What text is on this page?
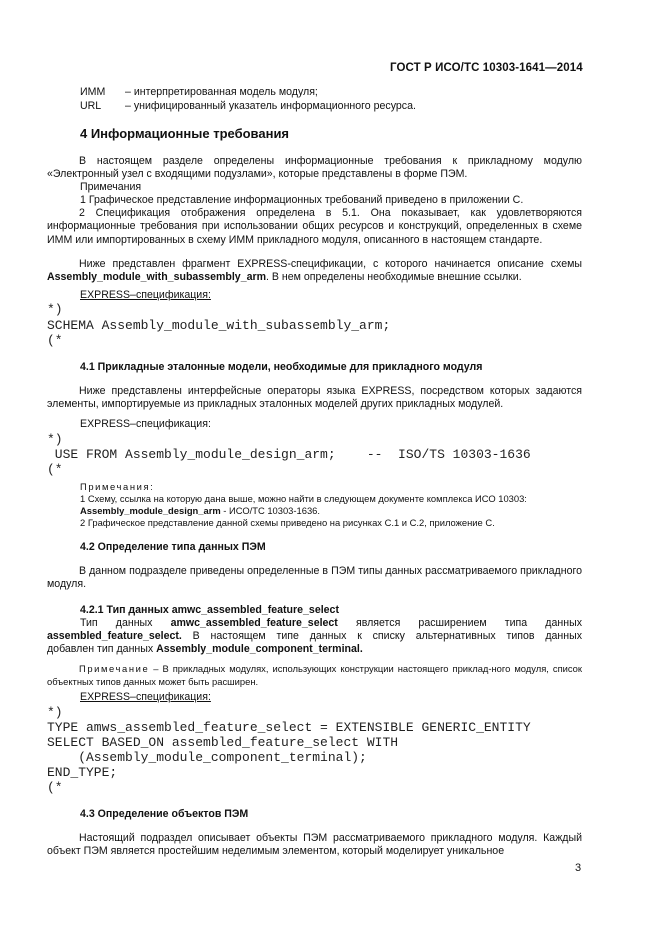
ГОСТ Р ИСО/ТС 10303-1641—2014
ИММ – интерпретированная модель модуля;
URL – унифицированный указатель информационного ресурса.
4 Информационные требования
В настоящем разделе определены информационные требования к прикладному модулю «Электронный узел с входящими подузлами», которые представлены в форме ПЭМ.
Примечания
1 Графическое представление информационных требований приведено в приложении С.
2 Спецификация отображения определена в 5.1. Она показывает, как удовлетворяются информационные требования при использовании общих ресурсов и конструкций, определенных в схеме ИММ или импортированных в схему ИММ прикладного модуля, описанного в настоящем стандарте.
Ниже представлен фрагмент EXPRESS-спецификации, с которого начинается описание схемы Assembly_module_with_subassembly_arm. В нем определены необходимые внешние ссылки.
EXPRESS–спецификация:
*)
SCHEMA Assembly_module_with_subassembly_arm;
(*
4.1 Прикладные эталонные модели, необходимые для прикладного модуля
Ниже представлены интерфейсные операторы языка EXPRESS, посредством которых задаются элементы, импортируемые из прикладных эталонных моделей других прикладных модулей.
EXPRESS–спецификация:
*)
USE FROM Assembly_module_design_arm;    --  ISO/TS 10303-1636
(*
Примечания:
1 Схему, ссылка на которую дана выше, можно найти в следующем документе комплекса ИСО 10303:
Assembly_module_design_arm - ИСО/ТС 10303-1636.
2 Графическое представление данной схемы приведено на рисунках С.1 и С.2, приложение С.
4.2 Определение типа данных ПЭМ
В данном подразделе приведены определенные в ПЭМ типы данных рассматриваемого прикладного модуля.
4.2.1 Тип данных amwc_assembled_feature_select
Тип данных amwc_assembled_feature_select является расширением типа данных
assembled_feature_select. В настоящем типе данных к списку альтернативных типов данных
добавлен тип данных Assembly_module_component_terminal.
Примечание – В прикладных модулях, использующих конструкции настоящего приклад-ного модуля, список объектных типов данных может быть расширен.
EXPRESS–спецификация:
*)
TYPE amws_assembled_feature_select = EXTENSIBLE GENERIC_ENTITY
SELECT BASED_ON assembled_feature_select WITH
(Assembly_module_component_terminal);
END_TYPE;
(*
4.3 Определение объектов ПЭМ
Настоящий подраздел описывает объекты ПЭМ рассматриваемого прикладного модуля. Каждый объект ПЭМ является простейшим неделимым элементом, который моделирует уникальное
3
